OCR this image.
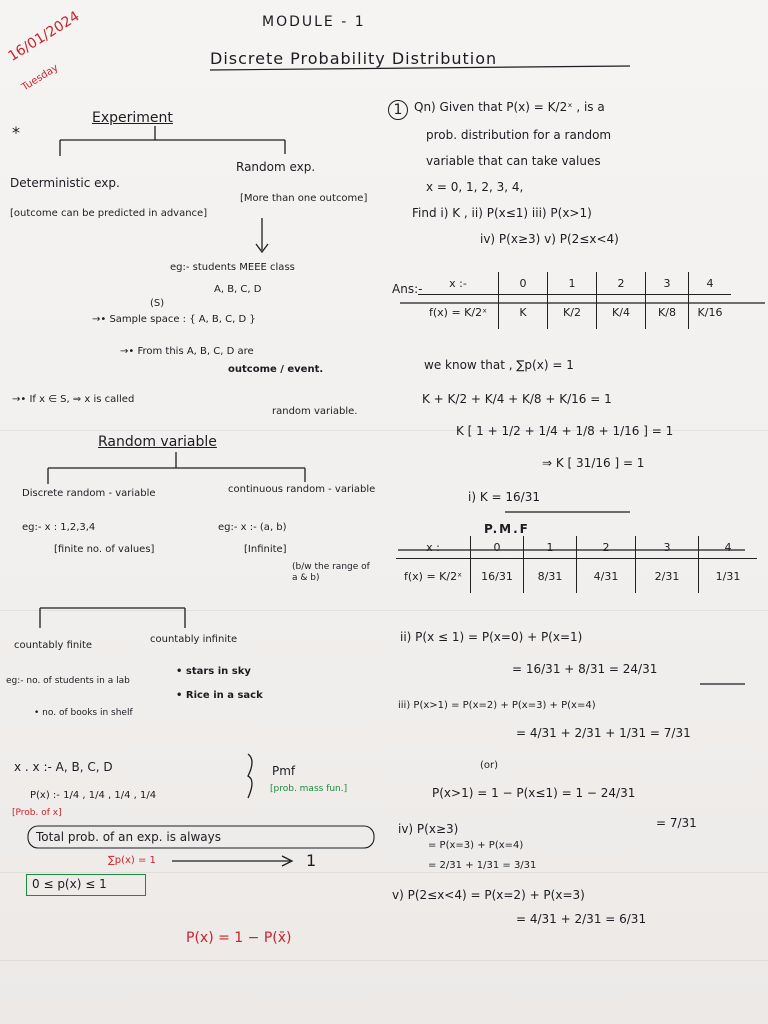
16/01/2024
Tuesday
MODULE - 1
Discrete Probability Distribution
*
Experiment
Deterministic exp.
[outcome can be predicted in advance]
Random exp.
[More than one outcome]
eg:- students MEEE class
A, B, C, D
(S)
→• Sample space : { A, B, C, D }
→• From this A, B, C, D are
outcome / event.
→• If x ∈ S, ⇒ x is called
random variable.
Random variable
Discrete random - variable	continuous random - variable
eg:- x : 1,2,3,4
[finite no. of values]
eg:- x :- (a, b)
[Infinite]
(b/w the range of a & b)
countably finite
countably infinite
• stars in sky
• Rice in a sack
eg:- no. of students in a lab
• no. of books in shelf
x . x :- A, B, C, D
P(x) :- 1/4 , 1/4 , 1/4 , 1/4
[Prob. of x]
Pmf
[prob. mass fun.]
Total prob. of an exp. is always
∑p(x) = 1	1
0 ≤ p(x) ≤ 1
P(x) = 1 − P(x̄)
1 Qn) Given that P(x) = K/2ˣ , is a
prob. distribution for a random
variable that can take values
x = 0, 1, 2, 3, 4,
Find i) K , ii) P(x≤1) iii) P(x>1)
iv) P(x≥3) v) P(2≤x<4)
Ans:- x :-	0	1	2	3	4
f(x) = K/2ˣ	K	K/2	K/4	K/8	K/16
we know that , ∑p(x) = 1
K + K/2 + K/4 + K/8 + K/16 = 1
K [ 1 + 1/2 + 1/4 + 1/8 + 1/16 ] = 1
⇒ K [ 31/16 ] = 1
i) K = 16/31
P.M.F
x :	0	1	2	3	4
f(x) = K/2ˣ	16/31	8/31	4/31	2/31	1/31
ii) P(x ≤ 1) = P(x=0) + P(x=1)
= 16/31 + 8/31 = 24/31
iii) P(x>1) = P(x=2) + P(x=3) + P(x=4)
= 4/31 + 2/31 + 1/31 = 7/31
(or)
P(x>1) = 1 − P(x≤1) = 1 − 24/31
= 7/31
iv) P(x≥3)
= P(x=3) + P(x=4)
= 2/31 + 1/31 = 3/31
v) P(2≤x<4) = P(x=2) + P(x=3)
= 4/31 + 2/31 = 6/31
